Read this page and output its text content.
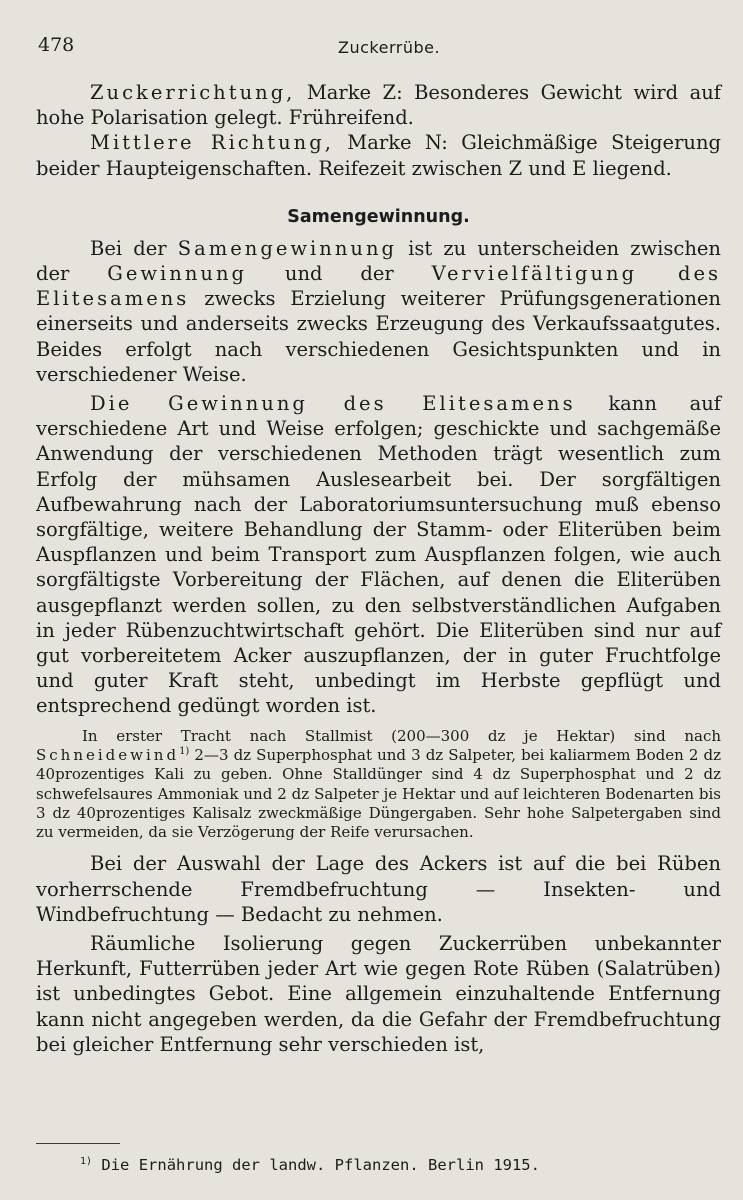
478	Zuckerrübe.

Zuckerrichtung, Marke Z: Besonderes Gewicht wird auf hohe Polarisation gelegt. Frühreifend.

Mittlere Richtung, Marke N: Gleichmäßige Steigerung beider Haupteigenschaften. Reifezeit zwischen Z und E liegend.

Samengewinnung.

Bei der Samengewinnung ist zu unterscheiden zwischen der Gewinnung und der Vervielfältigung des Elitesamens zwecks Erzielung weiterer Prüfungsgenerationen einerseits und anderseits zwecks Erzeugung des Verkaufssaatgutes. Beides erfolgt nach verschiedenen Gesichtspunkten und in verschiedener Weise.

Die Gewinnung des Elitesamens kann auf verschiedene Art und Weise erfolgen; geschickte und sachgemäße Anwendung der verschiedenen Methoden trägt wesentlich zum Erfolg der mühsamen Auslesearbeit bei. Der sorgfältigen Aufbewahrung nach der Laboratoriumsuntersuchung muß ebenso sorgfältige, weitere Behandlung der Stamm- oder Eliterüben beim Auspflanzen und beim Transport zum Auspflanzen folgen, wie auch sorgfältigste Vorbereitung der Flächen, auf denen die Eliterüben ausgepflanzt werden sollen, zu den selbstverständlichen Aufgaben in jeder Rübenzuchtwirtschaft gehört. Die Eliterüben sind nur auf gut vorbereitetem Acker auszupflanzen, der in guter Fruchtfolge und guter Kraft steht, unbedingt im Herbste gepflügt und entsprechend gedüngt worden ist.

In erster Tracht nach Stallmist (200—300 dz je Hektar) sind nach Schneidewind$^{1)}$ 2—3 dz Superphosphat und 3 dz Salpeter, bei kaliarmem Boden 2 dz 40prozentiges Kali zu geben. Ohne Stalldünger sind 4 dz Superphosphat und 2 dz schwefelsaures Ammoniak und 2 dz Salpeter je Hektar und auf leichteren Bodenarten bis 3 dz 40prozentiges Kalisalz zweckmäßige Düngergaben. Sehr hohe Salpetergaben sind zu vermeiden, da sie Verzögerung der Reife verursachen.

Bei der Auswahl der Lage des Ackers ist auf die bei Rüben vorherrschende Fremdbefruchtung — Insekten- und Windbefruchtung — Bedacht zu nehmen.

Räumliche Isolierung gegen Zuckerrüben unbekannter Herkunft, Futterrüben jeder Art wie gegen Rote Rüben (Salatrüben) ist unbedingtes Gebot. Eine allgemein einzuhaltende Entfernung kann nicht angegeben werden, da die Gefahr der Fremdbefruchtung bei gleicher Entfernung sehr verschieden ist,

$^{1)}$ Die Ernährung der landw. Pflanzen. Berlin 1915.
